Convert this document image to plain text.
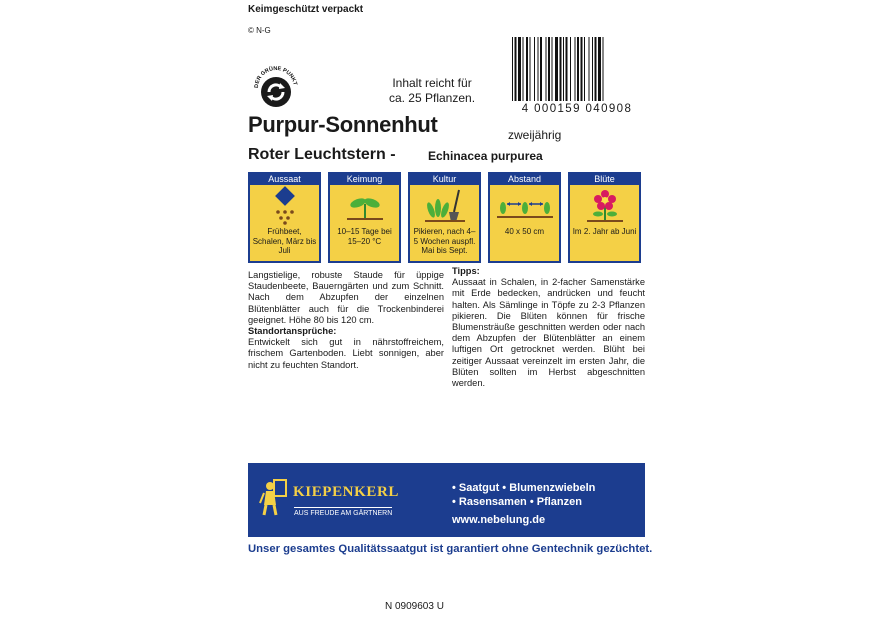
Keimgeschützt verpackt
© N-G
DER GRÜNE PUNKT	Inhalt reicht für
ca. 25 Pflanzen.
4 000159 040908
Purpur-Sonnenhut	zweijährig
Roter Leuchtstern -	Echinacea purpurea
Aussaat
Frühbeet, Schalen, März bis Juli
Keimung
10–15 Tage bei 15–20 °C
Kultur
Pikieren, nach 4–5 Wochen auspfl. Mai bis Sept.
Abstand
40 x 50 cm
Blüte
Im 2. Jahr ab Juni
Langstielige, robuste Staude für üppige Staudenbeete, Bauerngärten und zum Schnitt. Nach dem Abzupfen der einzelnen Blütenblätter auch für die Trockenbinderei geeignet. Höhe 80 bis 120 cm.
Standortansprüche:
Entwickelt sich gut in nährstoffreichem, frischem Gartenboden. Liebt sonnigen, aber nicht zu feuchten Standort.
Tipps:
Aussaat in Schalen, in 2-facher Samenstärke mit Erde bedecken, andrücken und feucht halten. Als Sämlinge in Töpfe zu 2-3 Pflanzen pikieren. Die Blüten können für frische Blumensträuße geschnitten werden oder nach dem Abzupfen der Blütenblätter an einem luftigen Ort getrocknet werden. Blüht bei zeitiger Aussaat vereinzelt im ersten Jahr, die Blüten sollten im Herbst abgeschnitten werden.
KIEPENKERL
AUS FREUDE AM GÄRTNERN
• Saatgut • Blumenzwiebeln
• Rasensamen • Pflanzen
www.nebelung.de
Unser gesamtes Qualitätssaatgut ist garantiert ohne Gentechnik gezüchtet.
N 0909603 U
